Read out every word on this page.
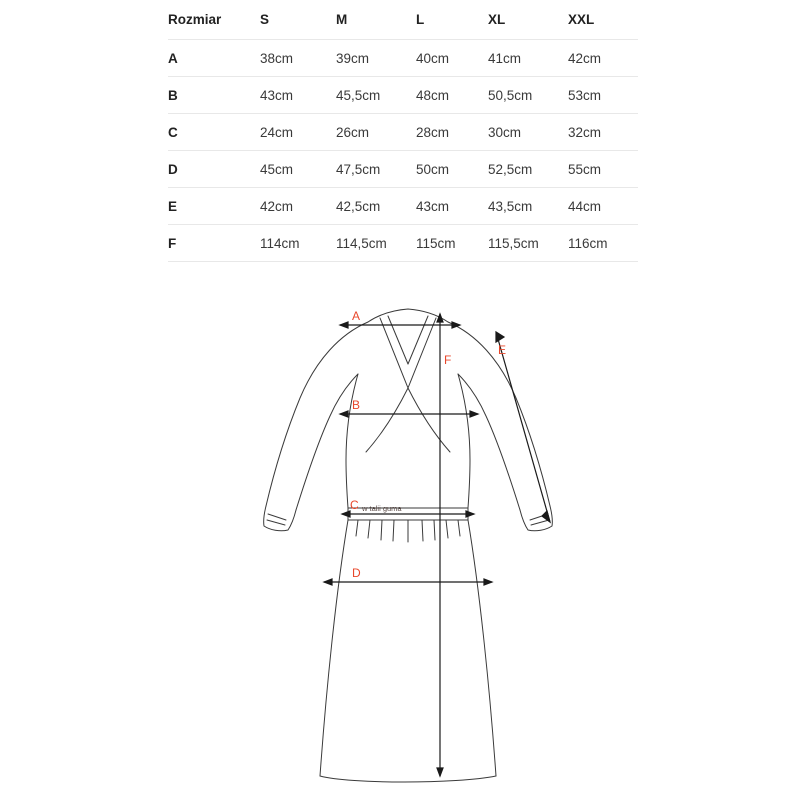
Rozmiar	S	M	L	XL	XXL
A	38cm	39cm	40cm	41cm	42cm
B	43cm	45,5cm	48cm	50,5cm	53cm
C	24cm	26cm	28cm	30cm	32cm
D	45cm	47,5cm	50cm	52,5cm	55cm
E	42cm	42,5cm	43cm	43,5cm	44cm
F	114cm	114,5cm	115cm	115,5cm	116cm
A
B
C
D
E
F
w talii guma
